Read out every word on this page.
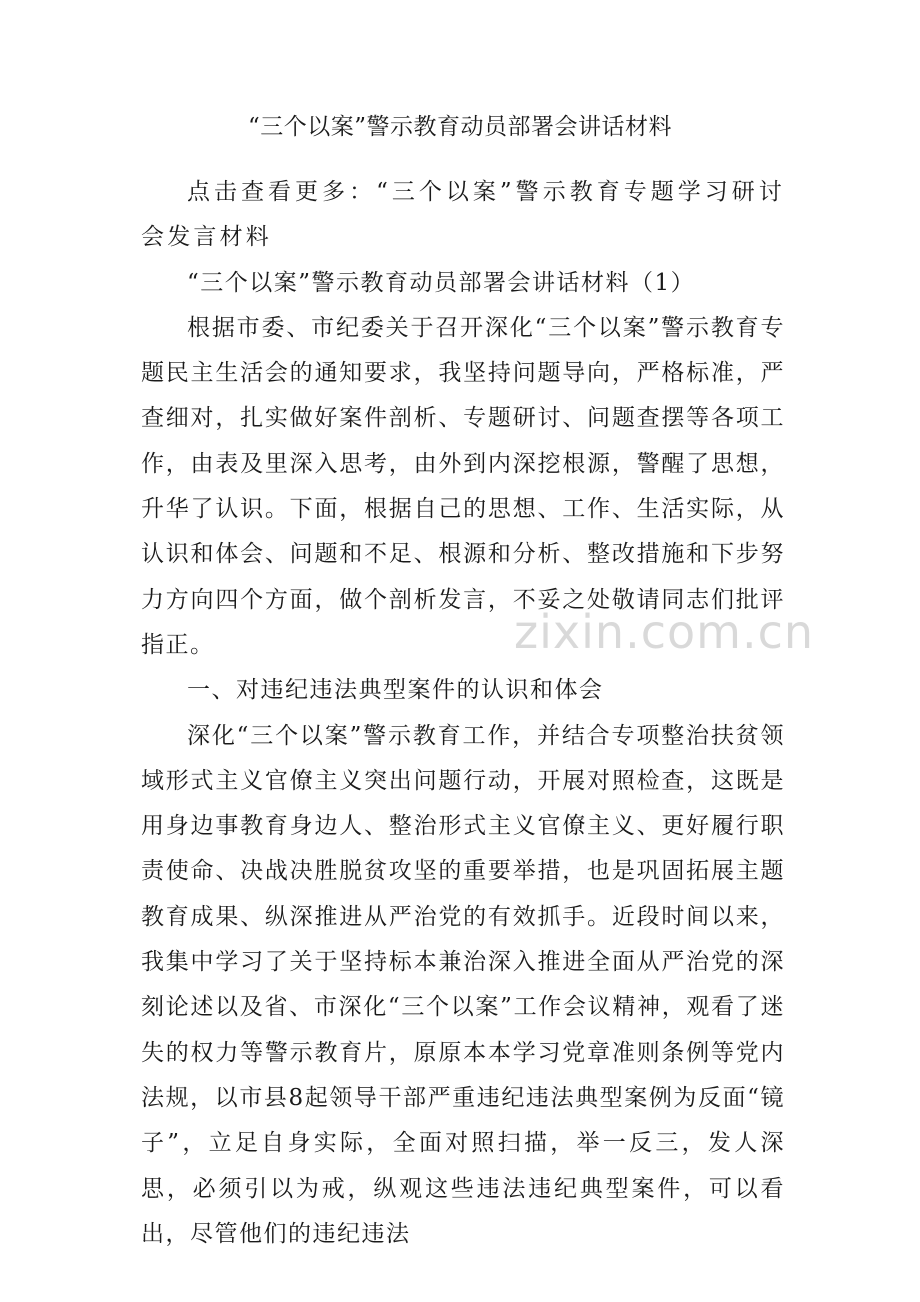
“三个以案”警示教育动员部署会讲话材料

点击查看更多：“三个以案”警示教育专题学习研讨会发言材料

“三个以案”警示教育动员部署会讲话材料（1）

根据市委、市纪委关于召开深化“三个以案”警示教育专题民主生活会的通知要求，我坚持问题导向，严格标准，严查细对，扎实做好案件剖析、专题研讨、问题查摆等各项工作，由表及里深入思考，由外到内深挖根源，警醒了思想，升华了认识。下面，根据自己的思想、工作、生活实际，从认识和体会、问题和不足、根源和分析、整改措施和下步努力方向四个方面，做个剖析发言，不妥之处敬请同志们批评指正。

一、对违纪违法典型案件的认识和体会

深化“三个以案”警示教育工作，并结合专项整治扶贫领域形式主义官僚主义突出问题行动，开展对照检查，这既是用身边事教育身边人、整治形式主义官僚主义、更好履行职责使命、决战决胜脱贫攻坚的重要举措，也是巩固拓展主题教育成果、纵深推进从严治党的有效抓手。近段时间以来，我集中学习了关于坚持标本兼治深入推进全面从严治党的深刻论述以及省、市深化“三个以案”工作会议精神，观看了迷失的权力等警示教育片，原原本本学习党章准则条例等党内法规，以市县8起领导干部严重违纪违法典型案例为反面“镜子”，立足自身实际，全面对照扫描，举一反三，发人深思，必须引以为戒，纵观这些违法违纪典型案件，可以看出，尽管他们的违纪违法

zixin.com.cn
